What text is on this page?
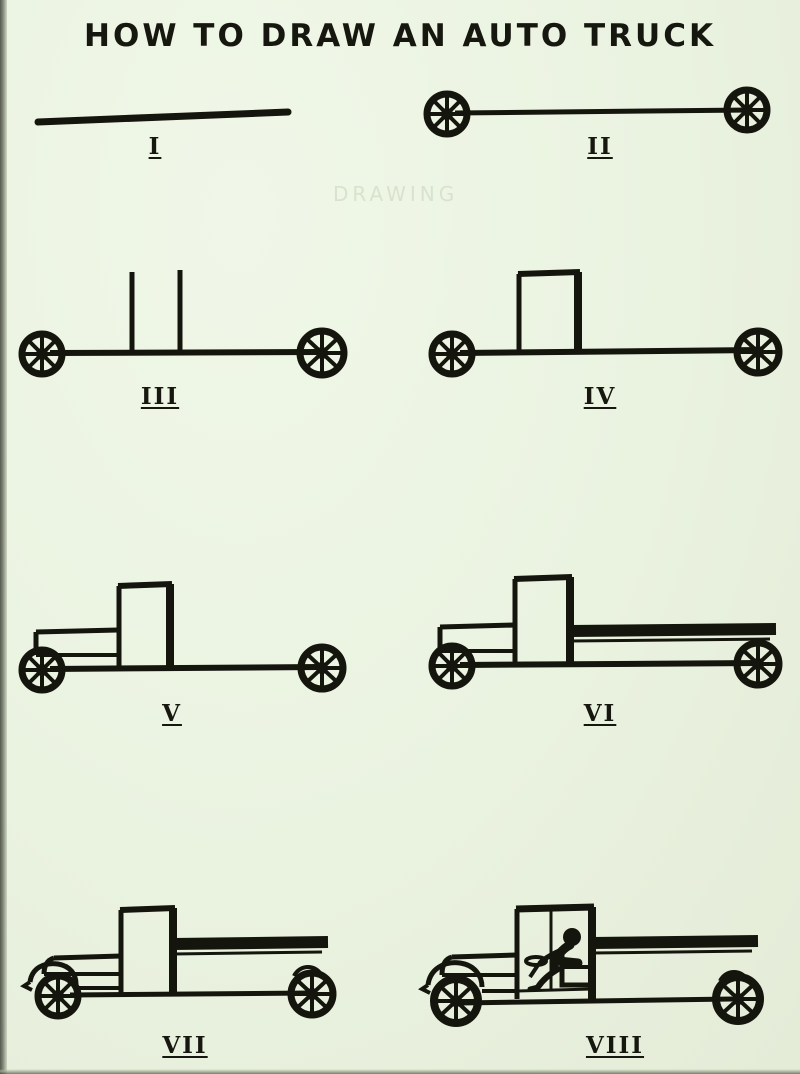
HOW TO DRAW AN AUTO TRUCK
DRAWING
I	II
III	IV
V	VI
VII	VIII
